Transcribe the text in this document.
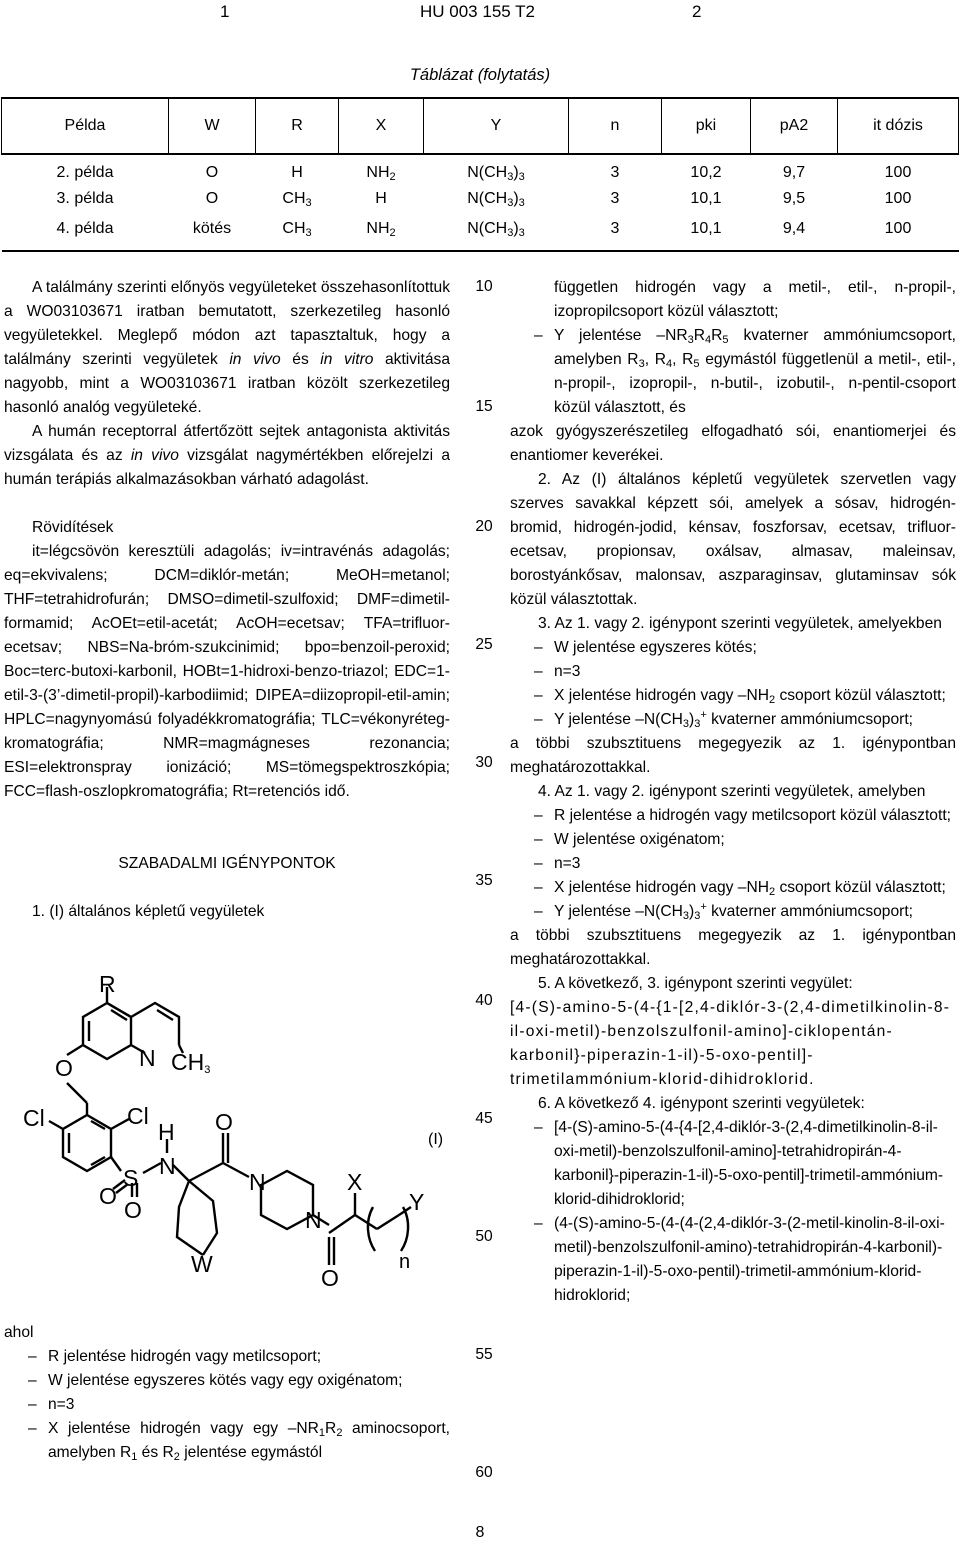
1	HU 003 155 T2	2
Táblázat (folytatás)
Példa	W	R	X	Y	n	pki	pA2	it dózis
2. példa	O	H	$NH_2$	$N(CH_3)_3$	3	10,2	9,7	100
3. példa	O	$CH_3$	H	$N(CH_3)_3$	3	10,1	9,5	100
4. példa	kötés	$CH_3$	$NH_2$	$N(CH_3)_3$	3	10,1	9,4	100

A találmány szerinti előnyös vegyületeket összehasonlítottuk a WO03103671 iratban bemutatott, szerkezetileg hasonló vegyületekkel. Meglepő módon azt tapasztaltuk, hogy a találmány szerinti vegyületek in vivo és in vitro aktivitása nagyobb, mint a WO03103671 iratban közölt szerkezetileg hasonló analóg vegyületeké.

A humán receptorral átfertőzött sejtek antagonista aktivitás vizsgálata és az in vivo vizsgálat nagymértékben előrejelzi a humán terápiás alkalmazásokban várható adagolást.

Rövidítések

it=légcsövön keresztüli adagolás; iv=intravénás adagolás; eq=ekvivalens; DCM=diklór-metán; MeOH=metanol; THF=tetrahidrofurán; DMSO=dimetil-szulfoxid; DMF=dimetil-formamid; AcOEt=etil-acetát; AcOH=ecetsav; TFA=trifluor-ecetsav; NBS=Na-bróm-szukcinimid; bpo=benzoil-peroxid; Boc=terc-butoxi-karbonil, HOBt=1-hidroxi-benzo-triazol; EDC=1-etil-3-(3’-dimetil-propil)-karbodiimid; DIPEA=diizopropil-etil-amin; HPLC=nagynyomású folyadékkromatográfia; TLC=vékonyréteg-kromatográfia; NMR=magmágneses rezonancia; ESI=elektronspray ionizáció; MS=tömegspektroszkópia; FCC=flash-oszlopkromatográfia; Rt=retenciós idő.

SZABADALMI IGÉNYPONTOK

1. (I) általános képletű vegyületek

R
N $CH_3$
O
Cl	Cl
H
N
S
O
O
W
O
N
N
X
Y
O
n
(I)

ahol

– R jelentése hidrogén vagy metilcsoport;

– W jelentése egyszeres kötés vagy egy oxigénatom;

– n=3

– X jelentése hidrogén vagy egy $-NR_1R_2$ aminocsoport, amelyben $R_1$ és $R_2$ jelentése egymástól

10
15
20
25
30
35
40
45
50
55
60

független hidrogén vagy a metil-, etil-, n-propil-, izopropilcsoport közül választott;

– Y jelentése $-NR_3R_4R_5$ kvaterner ammóniumcsoport, amelyben $R_3$, $R_4$, $R_5$ egymástól függetlenül a metil-, etil-, n-propil-, izopropil-, n-butil-, izobutil-, n-pentil-csoport közül választott, és

azok gyógyszerészetileg elfogadható sói, enantiomerjei és enantiomer keverékei.

2. Az (I) általános képletű vegyületek szervetlen vagy szerves savakkal képzett sói, amelyek a sósav, hidrogén-bromid, hidrogén-jodid, kénsav, foszforsav, ecetsav, trifluor-ecetsav, propionsav, oxálsav, almasav, maleinsav, borostyánkősav, malonsav, aszparaginsav, glutaminsav sók közül választottak.

3. Az 1. vagy 2. igénypont szerinti vegyületek, amelyekben

– W jelentése egyszeres kötés;

– n=3

– X jelentése hidrogén vagy $-NH_2$ csoport közül választott;

– Y jelentése $-N(CH_3)_3^+$ kvaterner ammóniumcsoport;

a többi szubsztituens megegyezik az 1. igénypontban meghatározottakkal.

4. Az 1. vagy 2. igénypont szerinti vegyületek, amelyben

– R jelentése a hidrogén vagy metilcsoport közül választott;

– W jelentése oxigénatom;

– n=3

– X jelentése hidrogén vagy $-NH_2$ csoport közül választott;

– Y jelentése $-N(CH_3)_3^+$ kvaterner ammóniumcsoport;

a többi szubsztituens megegyezik az 1. igénypontban meghatározottakkal.

5. A következő, 3. igénypont szerinti vegyület:

[4-(S)-amino-5-(4-{1-[2,4-diklór-3-(2,4-dimetilkinolin-8-il-oxi-metil)-benzolszulfonil-amino]-ciklopentán-karbonil}-piperazin-1-il)-5-oxo-pentil]-trimetilammónium-klorid-dihidroklorid.

6. A következő 4. igénypont szerinti vegyületek:

– [4-(S)-amino-5-(4-{4-[2,4-diklór-3-(2,4-dimetilkinolin-8-il-oxi-metil)-benzolszulfonil-amino]-tetrahidropirán-4-karbonil}-piperazin-1-il)-5-oxo-pentil]-trimetil-ammónium-klorid-dihidroklorid;

– (4-(S)-amino-5-(4-(4-(2,4-diklór-3-(2-metil-kinolin-8-il-oxi-metil)-benzolszulfonil-amino)-tetrahidropirán-4-karbonil)-piperazin-1-il)-5-oxo-pentil)-trimetil-ammónium-klorid-hidroklorid;

8
